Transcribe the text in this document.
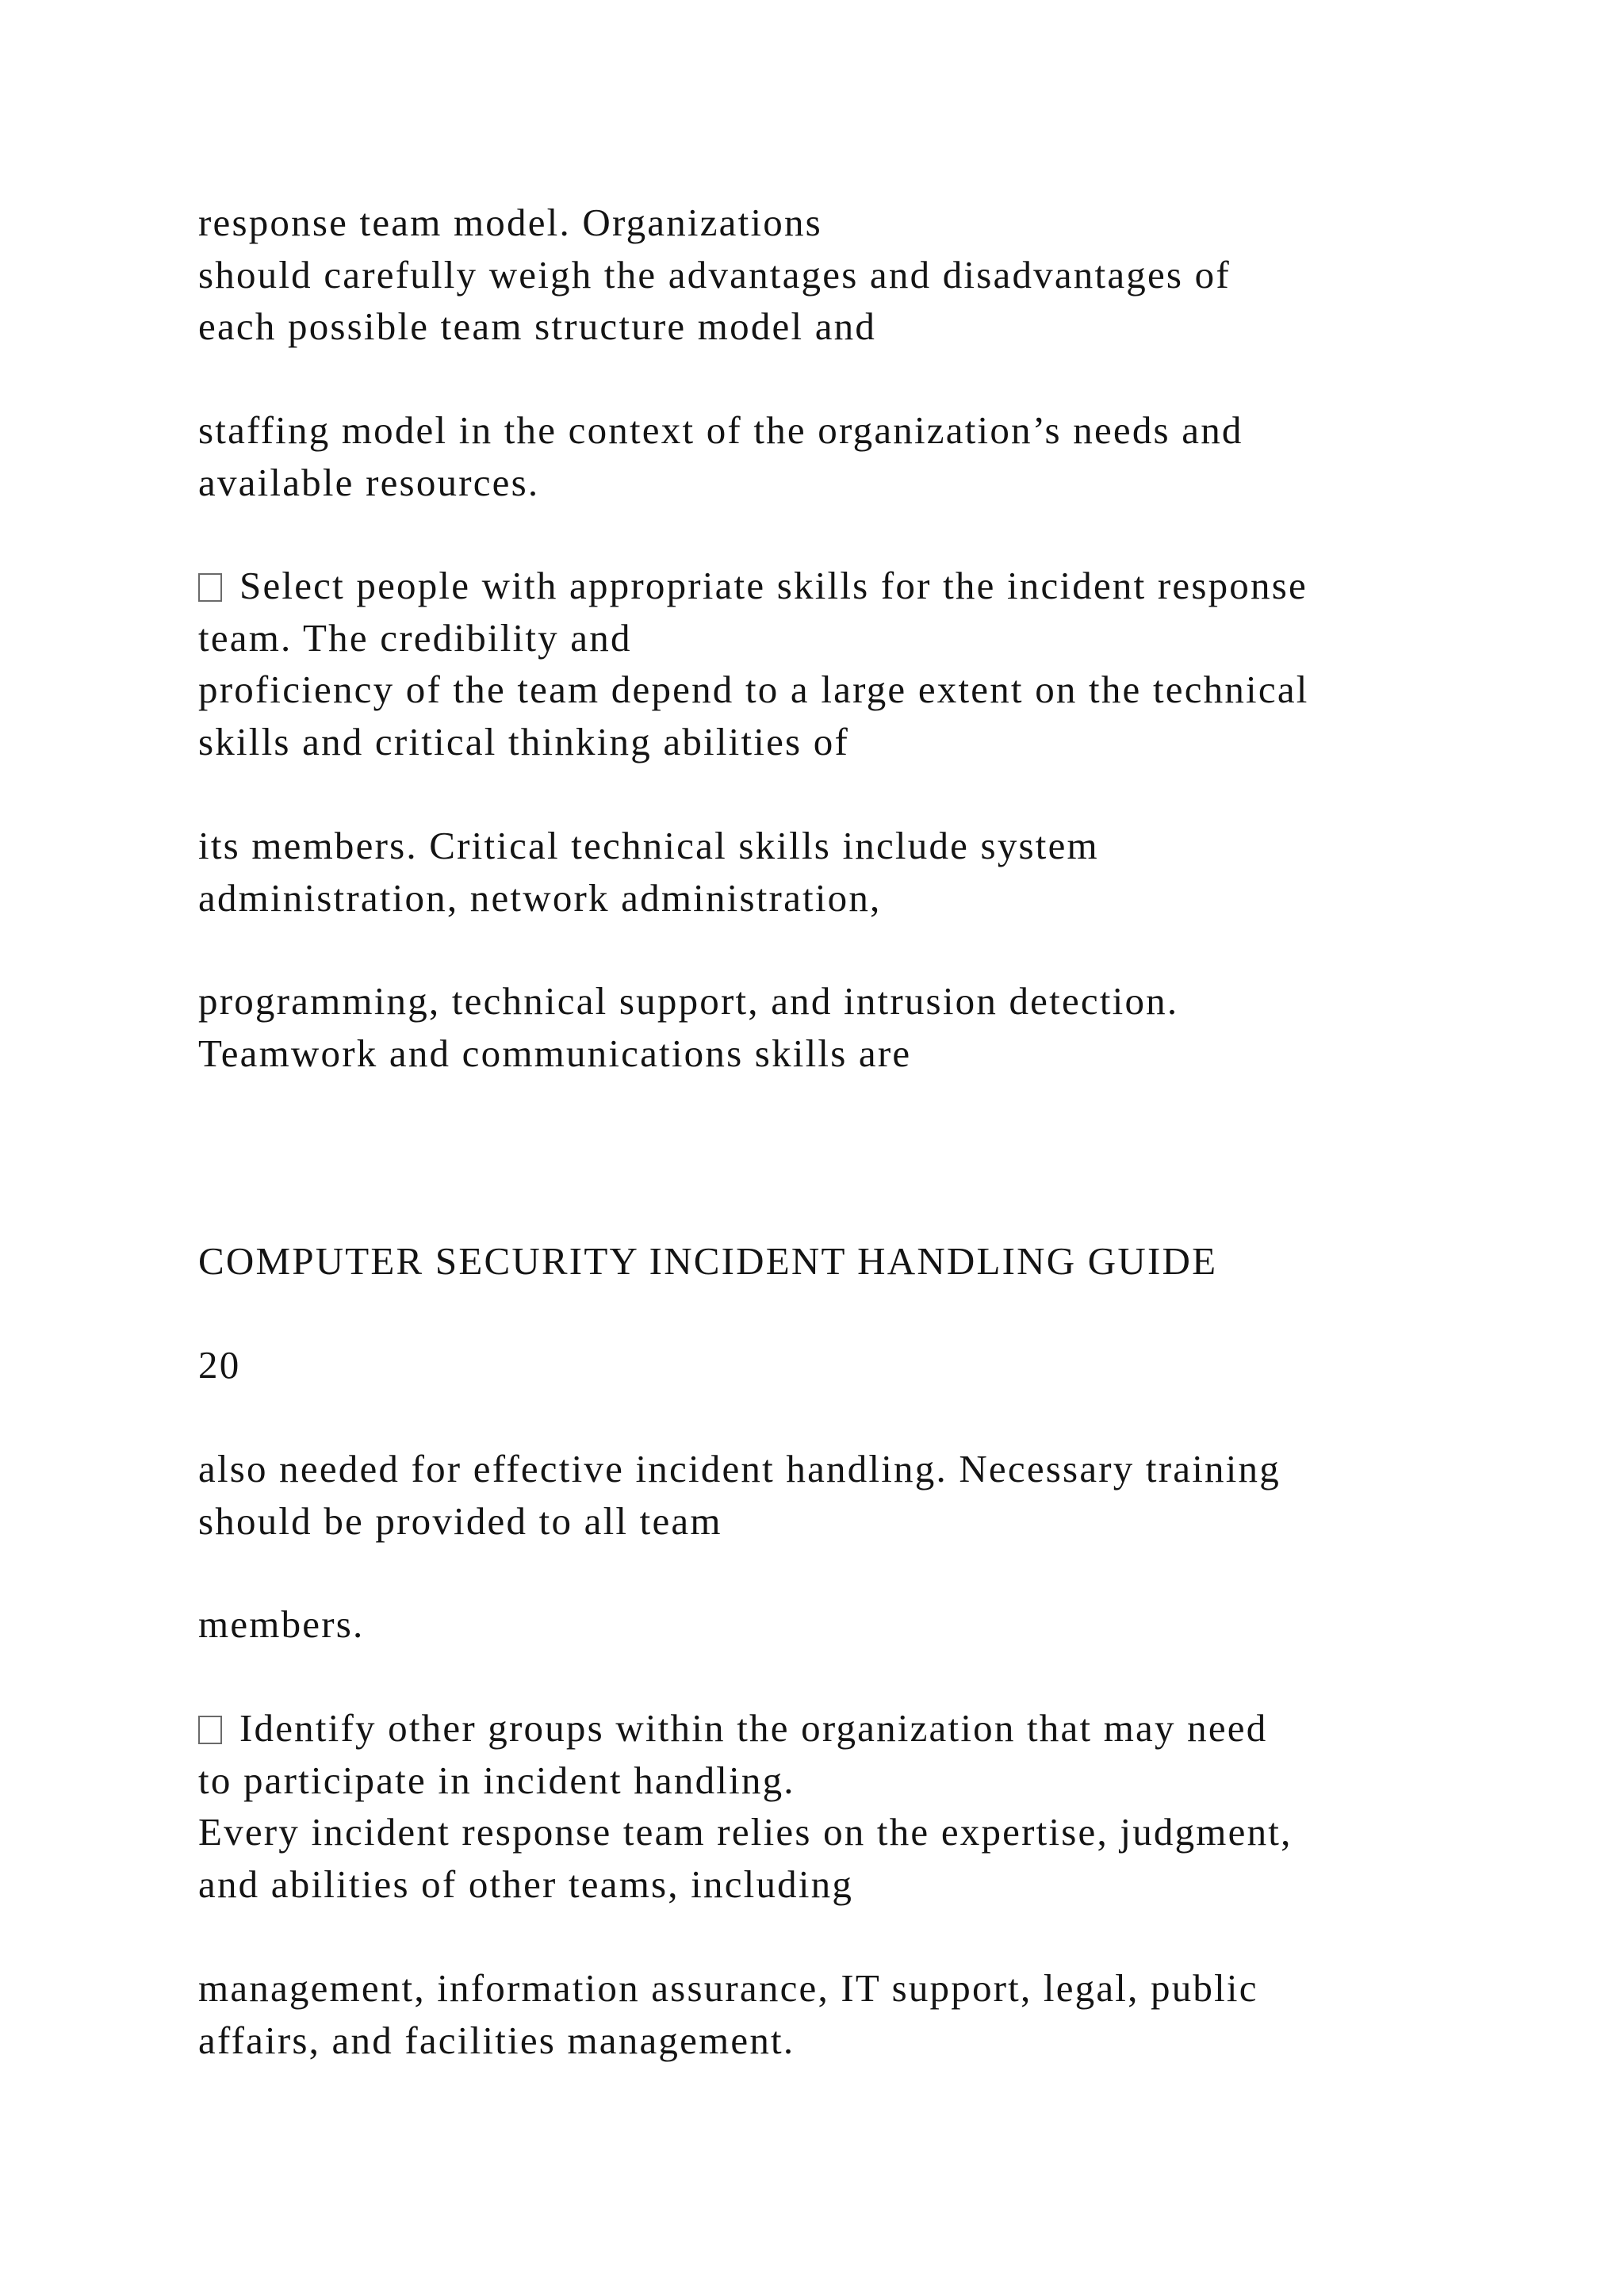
response team model. Organizations
should carefully weigh the advantages and disadvantages of
each possible team structure model and
staffing model in the context of the organization’s needs and
available resources.
Select people with appropriate skills for the incident response
team. The credibility and
proficiency of the team depend to a large extent on the technical
skills and critical thinking abilities of
its members. Critical technical skills include system
administration, network administration,
programming, technical support, and intrusion detection.
Teamwork and communications skills are
COMPUTER SECURITY INCIDENT HANDLING GUIDE
20
also needed for effective incident handling. Necessary training
should be provided to all team
members.
Identify other groups within the organization that may need
to participate in incident handling.
Every incident response team relies on the expertise, judgment,
and abilities of other teams, including
management, information assurance, IT support, legal, public
affairs, and facilities management.
